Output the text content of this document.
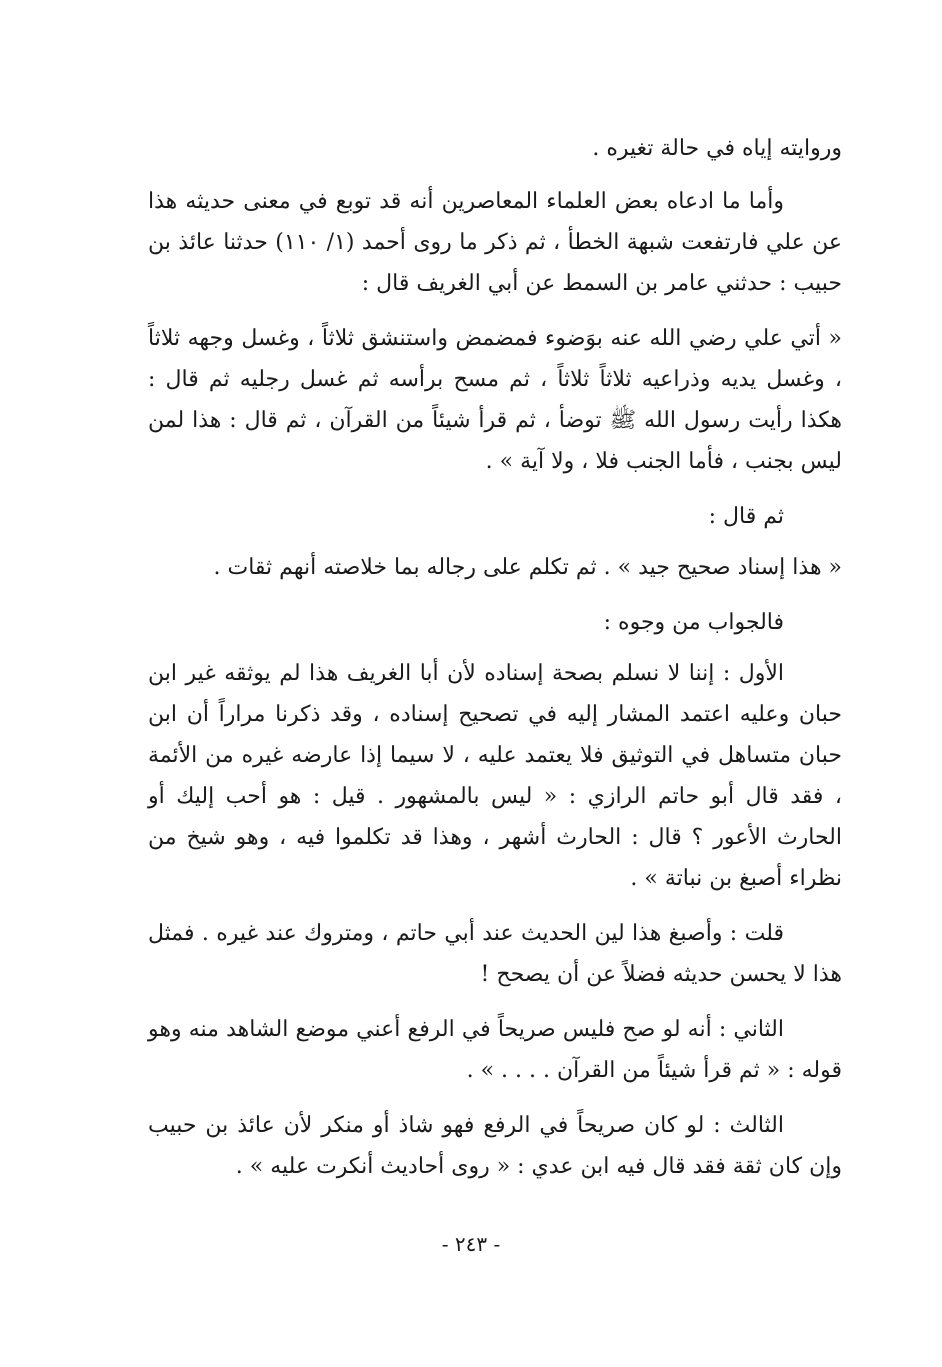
وروايته إياه في حالة تغيره .

وأما ما ادعاه بعض العلماء المعاصرين أنه قد توبع في معنى حديثه هذا عن علي فارتفعت شبهة الخطأ ، ثم ذكر ما روى أحمد (١/ ١١٠) حدثنا عائذ بن حبيب : حدثني عامر بن السمط عن أبي الغريف قال :

« أتي علي رضي الله عنه بوَضوء فمضمض واستنشق ثلاثاً ، وغسل وجهه ثلاثاً ، وغسل يديه وذراعيه ثلاثاً ثلاثاً ، ثم مسح برأسه ثم غسل رجليه ثم قال : هكذا رأيت رسول الله ﷺ توضأ ، ثم قرأ شيئاً من القرآن ، ثم قال : هذا لمن ليس بجنب ، فأما الجنب فلا ، ولا آية » .

ثم قال :

« هذا إسناد صحيح جيد » . ثم تكلم على رجاله بما خلاصته أنهم ثقات .

فالجواب من وجوه :

الأول : إننا لا نسلم بصحة إسناده لأن أبا الغريف هذا لم يوثقه غير ابن حبان وعليه اعتمد المشار إليه في تصحيح إسناده ، وقد ذكرنا مراراً أن ابن حبان متساهل في التوثيق فلا يعتمد عليه ، لا سيما إذا عارضه غيره من الأئمة ، فقد قال أبو حاتم الرازي : « ليس بالمشهور . قيل : هو أحب إليك أو الحارث الأعور ؟ قال : الحارث أشهر ، وهذا قد تكلموا فيه ، وهو شيخ من نظراء أصبغ بن نباتة » .

قلت : وأصبغ هذا لين الحديث عند أبي حاتم ، ومتروك عند غيره . فمثل هذا لا يحسن حديثه فضلاً عن أن يصحح !

الثاني : أنه لو صح فليس صريحاً في الرفع أعني موضع الشاهد منه وهو قوله : « ثم قرأ شيئاً من القرآن . . . . » .

الثالث : لو كان صريحاً في الرفع فهو شاذ أو منكر لأن عائذ بن حبيب وإن كان ثقة فقد قال فيه ابن عدي : « روى أحاديث أنكرت عليه » .

- ٢٤٣ -
